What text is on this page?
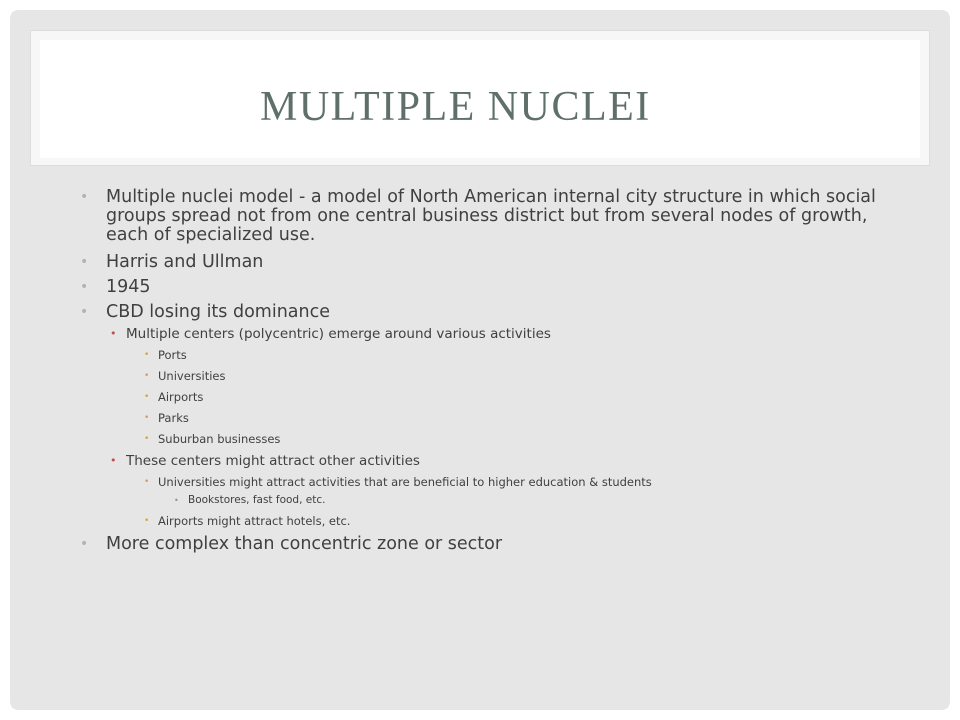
MULTIPLE NUCLEI
• Multiple nuclei model - a model of North American internal city structure in which social groups spread not from one central business district but from several nodes of growth, each of specialized use.
• Harris and Ullman
• 1945
• CBD losing its dominance
• Multiple centers (polycentric) emerge around various activities
• Ports
• Universities
• Airports
• Parks
• Suburban businesses
• These centers might attract other activities
• Universities might attract activities that are beneficial to higher education & students
• Bookstores, fast food, etc.
• Airports might attract hotels, etc.
• More complex than concentric zone or sector
